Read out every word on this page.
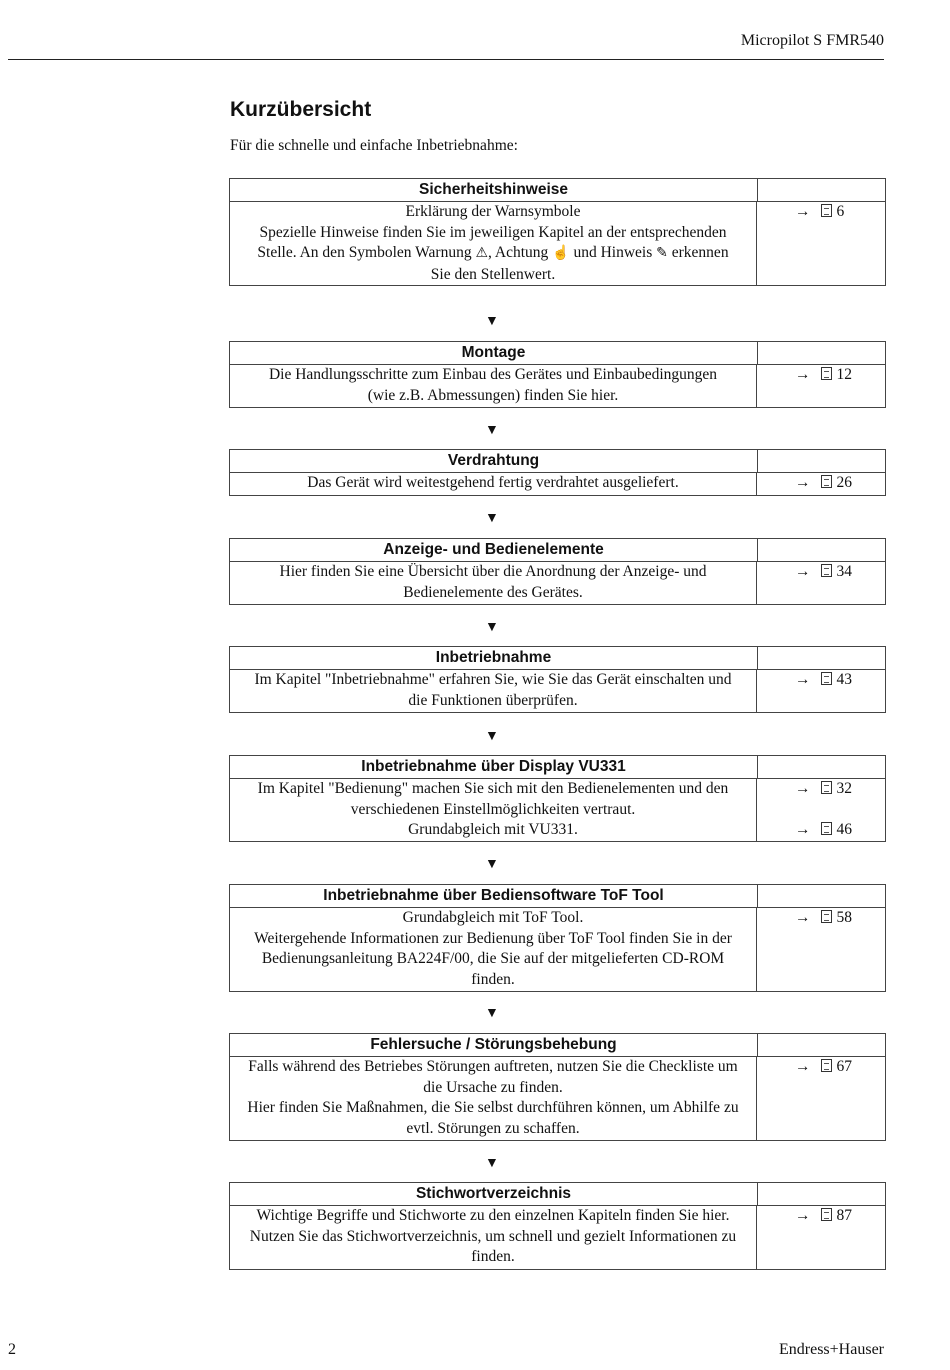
Micropilot S FMR540
Kurzübersicht
Für die schnelle und einfache Inbetriebnahme:
Sicherheitshinweise
Erklärung der Warnsymbole
Spezielle Hinweise finden Sie im jeweiligen Kapitel an der entsprechenden
Stelle. An den Symbolen Warnung ⚠, Achtung ☝ und Hinweis ✎ erkennen
Sie den Stellenwert.
→ 6
▼
Montage
Die Handlungsschritte zum Einbau des Gerätes und Einbaubedingungen
(wie z.B. Abmessungen) finden Sie hier.
→ 12
▼
Verdrahtung
Das Gerät wird weitestgehend fertig verdrahtet ausgeliefert.	→ 26
▼
Anzeige- und Bedienelemente
Hier finden Sie eine Übersicht über die Anordnung der Anzeige- und
Bedienelemente des Gerätes.
→ 34
▼
Inbetriebnahme
Im Kapitel "Inbetriebnahme" erfahren Sie, wie Sie das Gerät einschalten und
die Funktionen überprüfen.
→ 43
▼
Inbetriebnahme über Display VU331
Im Kapitel "Bedienung" machen Sie sich mit den Bedienelementen und den
verschiedenen Einstellmöglichkeiten vertraut.
Grundabgleich mit VU331.
→ 32
→ 46
▼
Inbetriebnahme über Bediensoftware ToF Tool
Grundabgleich mit ToF Tool.
Weitergehende Informationen zur Bedienung über ToF Tool finden Sie in der
Bedienungsanleitung BA224F/00, die Sie auf der mitgelieferten CD-ROM
finden.
→ 58
▼
Fehlersuche / Störungsbehebung
Falls während des Betriebes Störungen auftreten, nutzen Sie die Checkliste um
die Ursache zu finden.
Hier finden Sie Maßnahmen, die Sie selbst durchführen können, um Abhilfe zu
evtl. Störungen zu schaffen.
→ 67
▼
Stichwortverzeichnis
Wichtige Begriffe und Stichworte zu den einzelnen Kapiteln finden Sie hier.
Nutzen Sie das Stichwortverzeichnis, um schnell und gezielt Informationen zu
finden.
→ 87
2	Endress+Hauser
